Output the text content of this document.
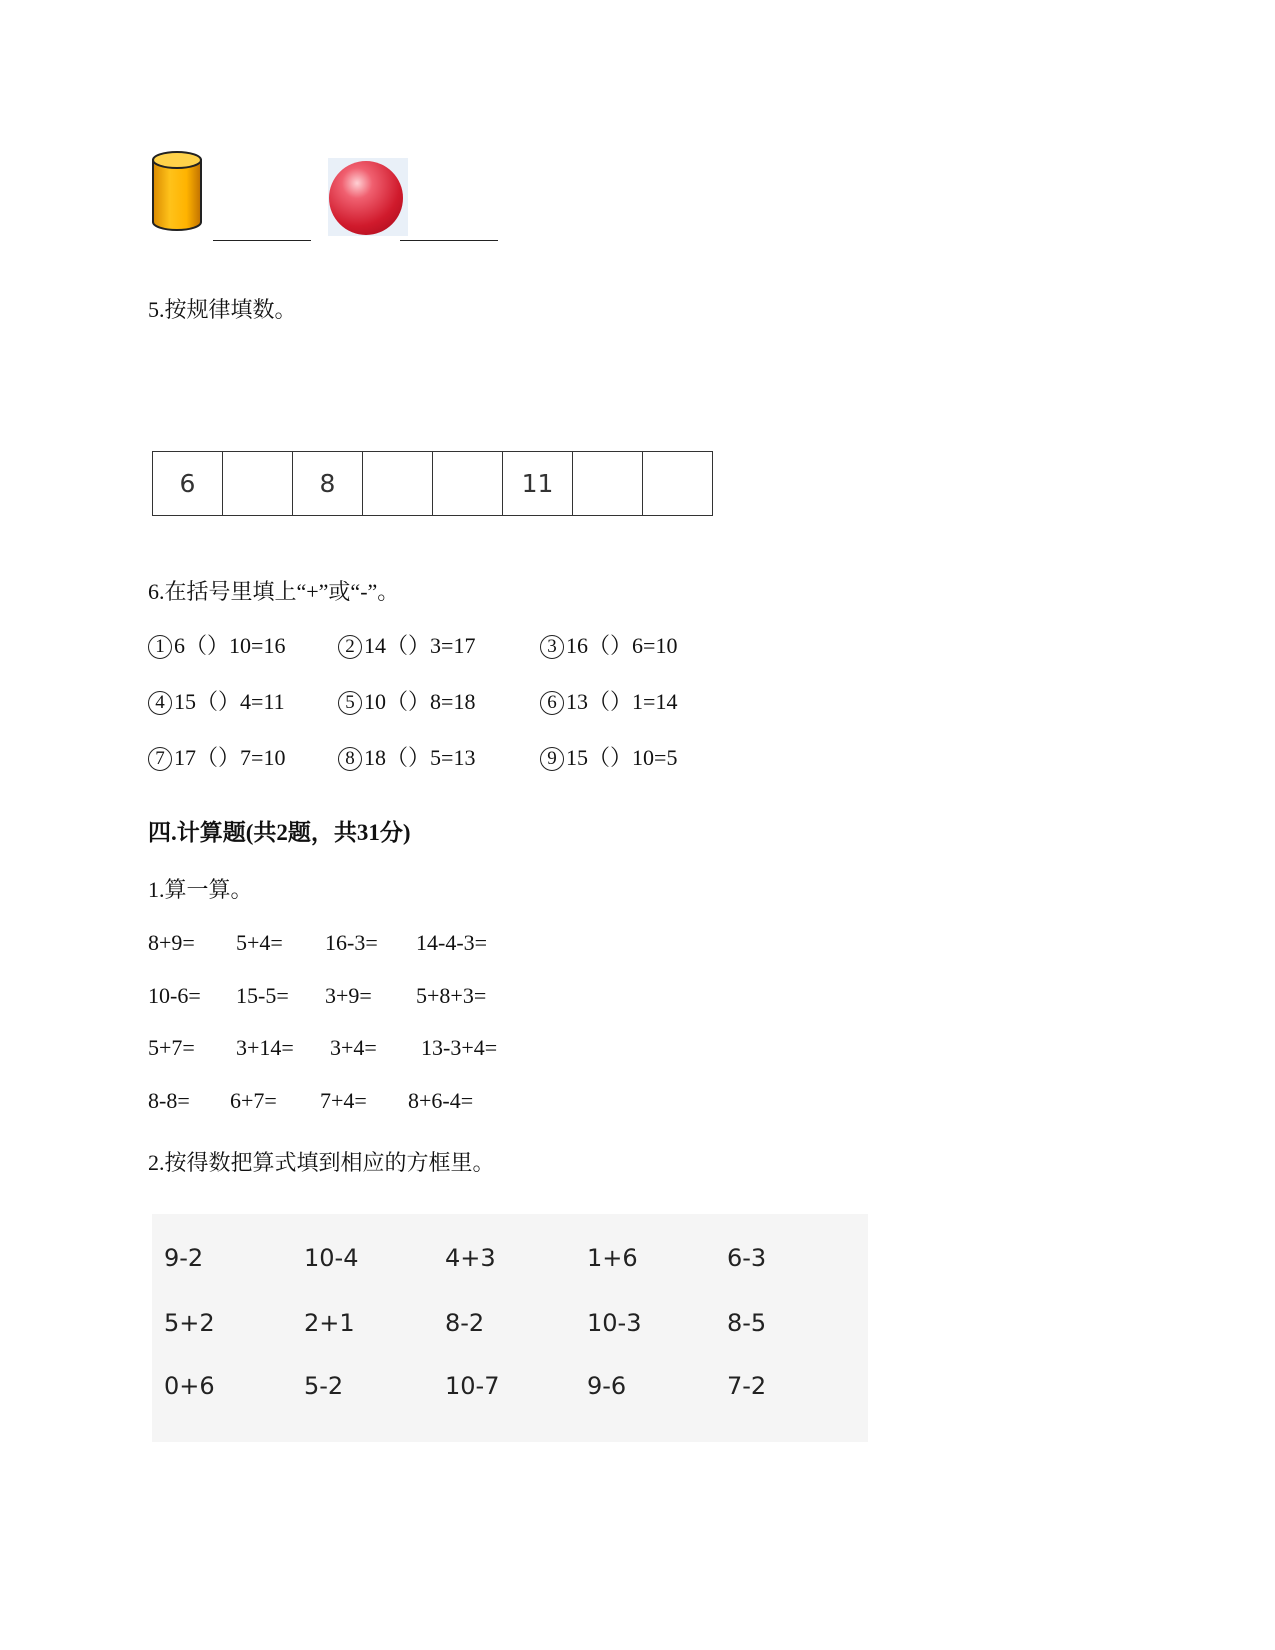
5.按规律填数。
6		8			11		
6.在括号里填上“+”或“-”。
1 6（）10=16	2 14（）3=17	3 16（）6=10
4 15（）4=11	5 10（）8=18	6 13（）1=14
7 17（）7=10	8 18（）5=13	9 15（）10=5
四.计算题(共2题，共31分)
1.算一算。
8+9= 5+4= 16-3= 14-4-3=
10-6= 15-5= 3+9= 5+8+3=
5+7= 3+14= 3+4= 13-3+4=
8-8= 6+7= 7+4= 8+6-4=
2.按得数把算式填到相应的方框里。
9-2	10-4	4+3	1+6	6-3
5+2	2+1	8-2	10-3	8-5
0+6	5-2	10-7	9-6	7-2
